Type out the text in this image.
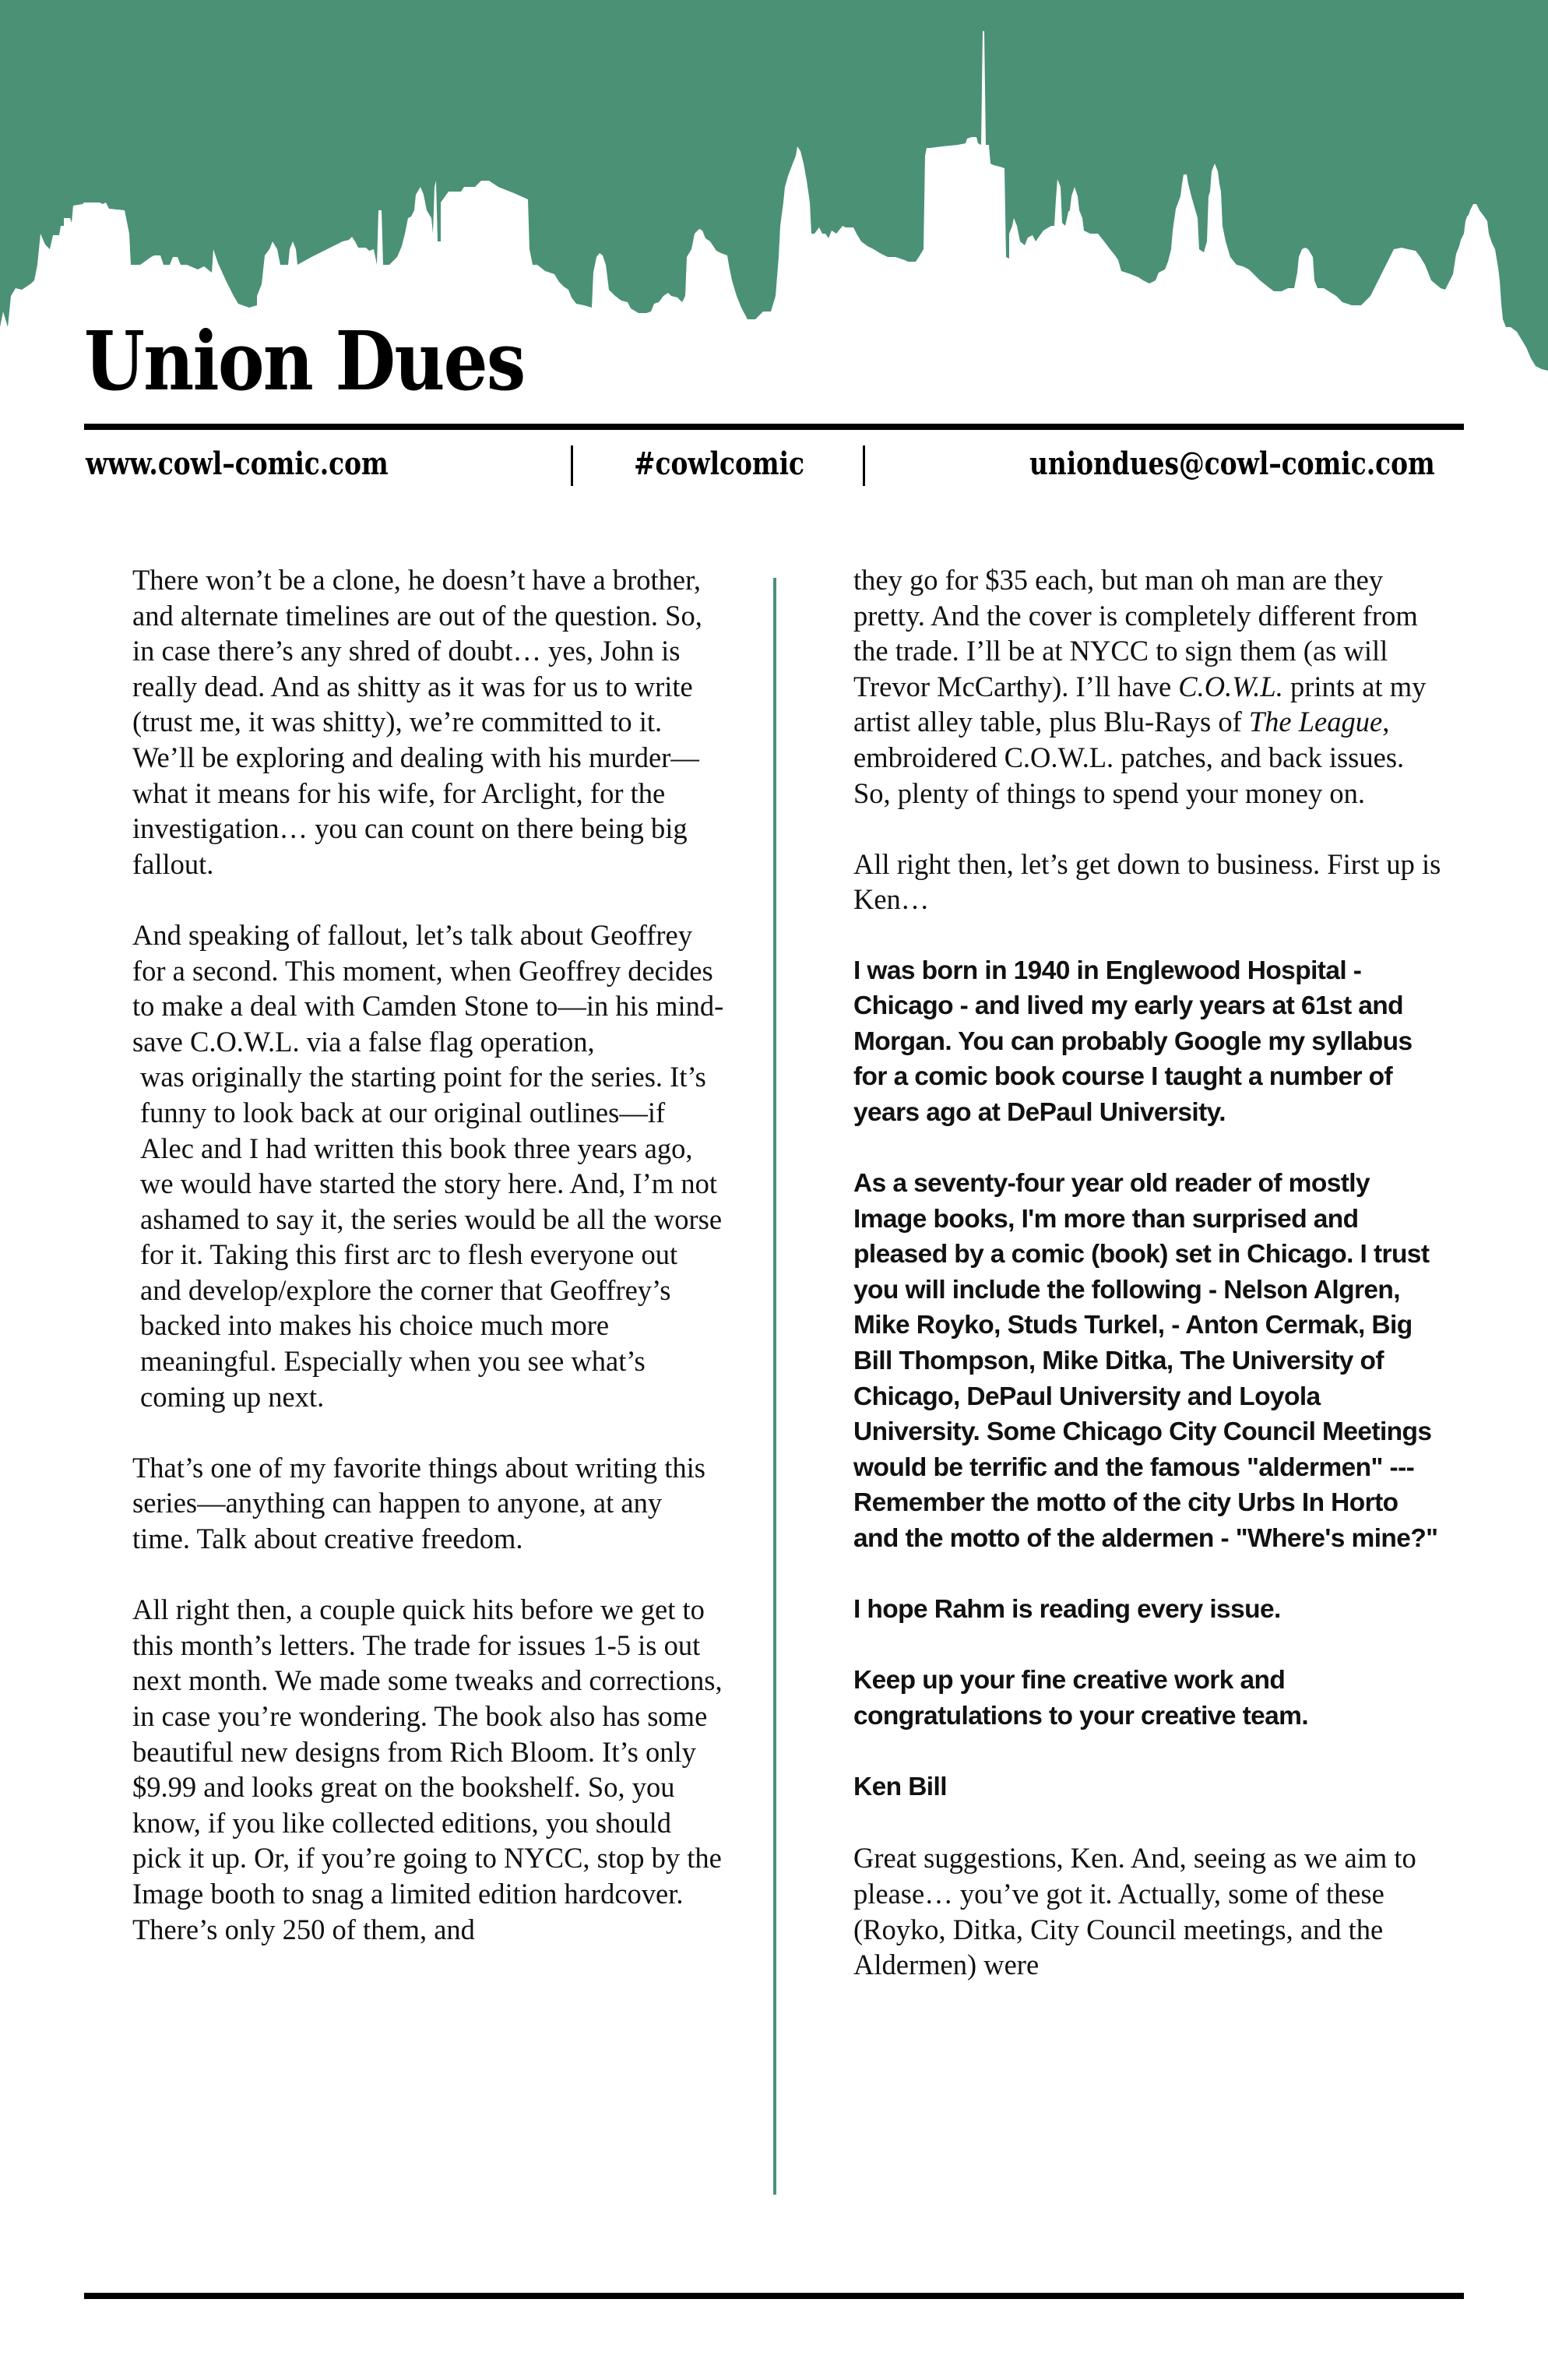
Union Dues
www.cowl–comic.com	#cowlcomic	uniondues@cowl–comic.com

There won’t be a clone, he doesn’t have a brother, and alternate timelines are out of the question. So, in case there’s any shred of doubt… yes, John is really dead. And as shitty as it was for us to write (trust me, it was shitty), we’re committed to it. We’ll be exploring and dealing with his murder—what it means for his wife, for Arclight, for the investigation… you can count on there being big fallout.

And speaking of fallout, let’s talk about Geoffrey for a second. This moment, when Geoffrey decides to make a deal with Camden Stone to—in his mind-save C.O.W.L. via a false flag operation,
was originally the starting point for the series. It’s funny to look back at our original outlines—if Alec and I had written this book three years ago, we would have started the story here. And, I’m not ashamed to say it, the series would be all the worse for it. Taking this first arc to flesh everyone out and develop/explore the corner that Geoffrey’s backed into makes his choice much more meaningful. Especially when you see what’s coming up next.

That’s one of my favorite things about writing this series—anything can happen to anyone, at any time. Talk about creative freedom.

All right then, a couple quick hits before we get to this month’s letters. The trade for issues 1-5 is out next month. We made some tweaks and corrections, in case you’re wondering. The book also has some beautiful new designs from Rich Bloom. It’s only $9.99 and looks great on the bookshelf. So, you know, if you like collected editions, you should pick it up. Or, if you’re going to NYCC, stop by the Image booth to snag a limited edition hardcover. There’s only 250 of them, and

they go for $35 each, but man oh man are they pretty. And the cover is completely different from the trade. I’ll be at NYCC to sign them (as will Trevor McCarthy). I’ll have C.O.W.L. prints at my artist alley table, plus Blu-Rays of The League, embroidered C.O.W.L. patches, and back issues. So, plenty of things to spend your money on.

All right then, let’s get down to business. First up is Ken…

I was born in 1940 in Englewood Hospital - Chicago - and lived my early years at 61st and Morgan. You can probably Google my syllabus for a comic book course I taught a number of years ago at DePaul University.

As a seventy-four year old reader of mostly Image books, I'm more than surprised and pleased by a comic (book) set in Chicago. I trust you will include the following - Nelson Algren, Mike Royko, Studs Turkel, - Anton Cermak, Big Bill Thompson, Mike Ditka, The University of Chicago, DePaul University and Loyola University. Some Chicago City Council Meetings would be terrific and the famous "aldermen" --- Remember the motto of the city Urbs In Horto and the motto of the aldermen - "Where's mine?"

I hope Rahm is reading every issue.

Keep up your fine creative work and congratulations to your creative team.

Ken Bill

Great suggestions, Ken. And, seeing as we aim to please… you’ve got it. Actually, some of these (Royko, Ditka, City Council meetings, and the Aldermen) were
